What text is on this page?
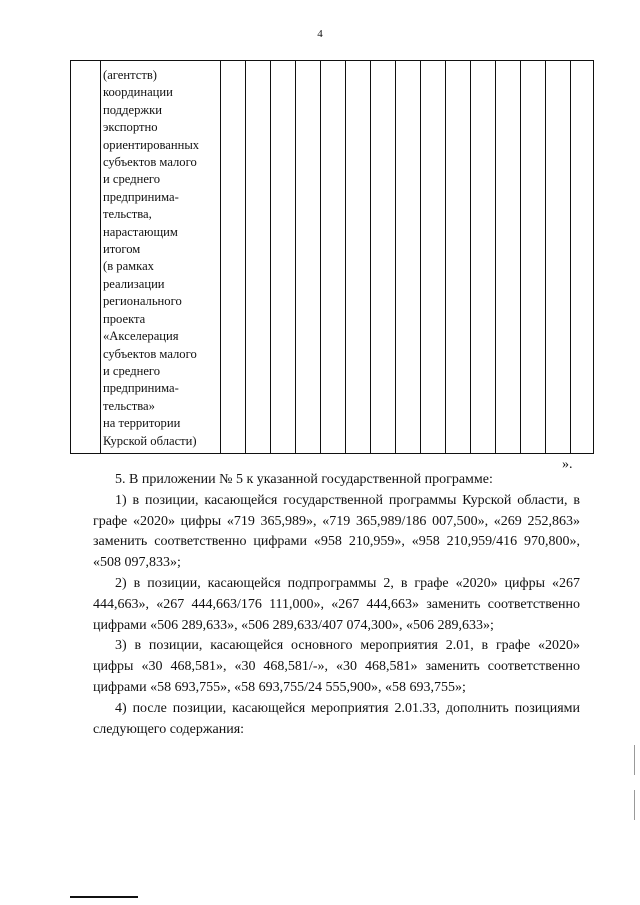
4

(агентств)
координации
поддержки
экспортно
ориентированных
субъектов малого
и среднего
предпринима-
тельства,
нарастающим
итогом
(в рамках
реализации
регионального
проекта
«Акселерация
субъектов малого
и среднего
предпринима-
тельства»
на территории
Курской области)

».

5. В приложении № 5 к указанной государственной программе:

1) в позиции, касающейся государственной программы Курской области, в графе «2020» цифры «719 365,989», «719 365,989/186 007,500», «269 252,863» заменить соответственно цифрами «958 210,959», «958 210,959/416 970,800», «508 097,833»;

2) в позиции, касающейся подпрограммы 2, в графе «2020» цифры «267 444,663», «267 444,663/176 111,000», «267 444,663» заменить соответственно цифрами «506 289,633», «506 289,633/407 074,300», «506 289,633»;

3) в позиции, касающейся основного мероприятия 2.01, в графе «2020» цифры «30 468,581», «30 468,581/-», «30 468,581» заменить соответственно цифрами «58 693,755», «58 693,755/24 555,900», «58 693,755»;

4) после позиции, касающейся мероприятия 2.01.33, дополнить позициями следующего содержания:
